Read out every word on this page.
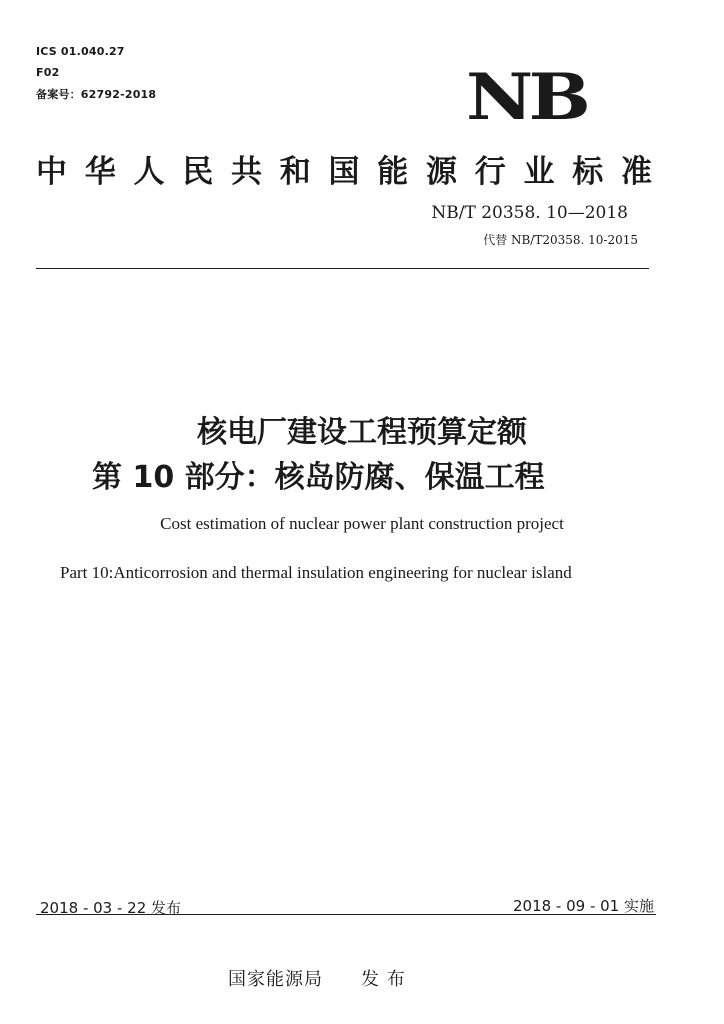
ICS 01.040.27
F02
备案号：62792-2018	NB
中 华 人 民 共 和 国 能 源 行 业 标 准
NB/T 20358. 10—2018
代替 NB/T20358. 10-2015
核电厂建设工程预算定额
第 10 部分：核岛防腐、保温工程
Cost estimation of nuclear power plant construction project
Part 10:Anticorrosion and thermal insulation engineering for nuclear island
2018 - 03 - 22 发布	2018 - 09 - 01 实施
国家能源局 发 布
